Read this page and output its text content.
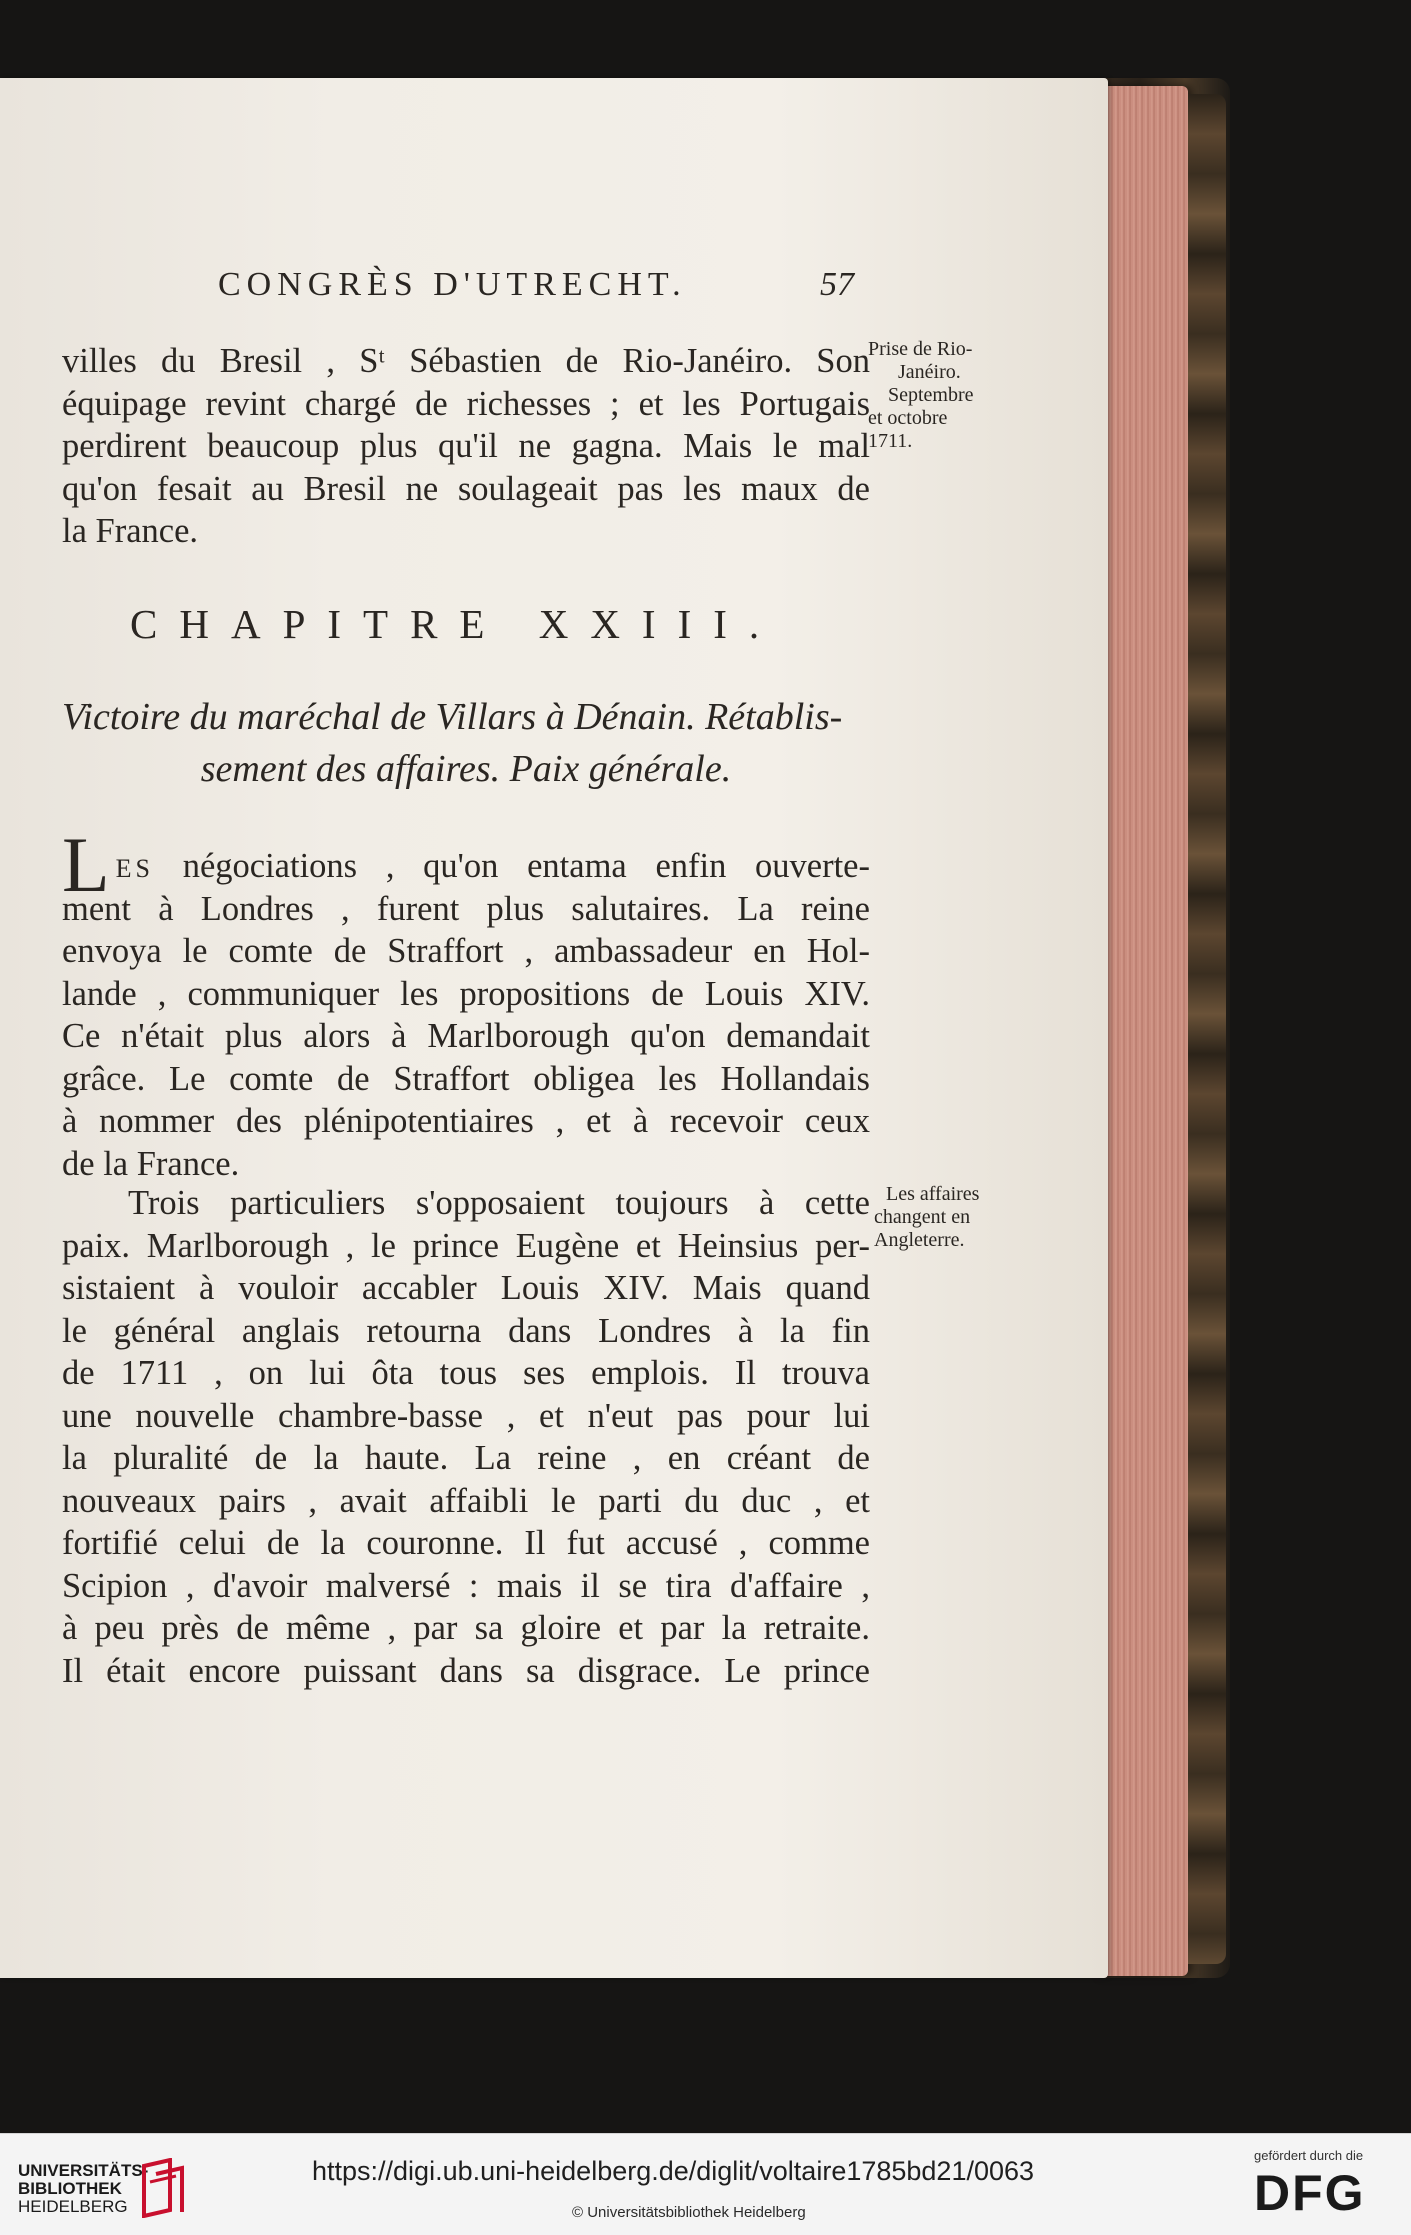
CONGRÈS D'UTRECHT.	57
villes du Bresil , Sᵗ Sébastien de Rio-Janéiro. Son
équipage revint chargé de richesses ; et les Portugais
perdirent beaucoup plus qu'il ne gagna. Mais le mal
qu'on fesait au Bresil ne soulageait pas les maux de
la France.
Prise de Rio-
Janéiro.
Septembre
et octobre
1711.
CHAPITRE XXIII.
Victoire du maréchal de Villars à Dénain. Rétablis-
sement des affaires. Paix générale.
LES négociations , qu'on entama enfin ouverte-
ment à Londres , furent plus salutaires. La reine
envoya le comte de Straffort , ambassadeur en Hol-
lande , communiquer les propositions de Louis XIV.
Ce n'était plus alors à Marlborough qu'on demandait
grâce. Le comte de Straffort obligea les Hollandais
à nommer des plénipotentiaires , et à recevoir ceux
de la France.
Trois particuliers s'opposaient toujours à cette
paix. Marlborough , le prince Eugène et Heinsius per-
sistaient à vouloir accabler Louis XIV. Mais quand
le général anglais retourna dans Londres à la fin
de 1711 , on lui ôta tous ses emplois. Il trouva
une nouvelle chambre-basse , et n'eut pas pour lui
la pluralité de la haute. La reine , en créant de
nouveaux pairs , avait affaibli le parti du duc , et
fortifié celui de la couronne. Il fut accusé , comme
Scipion , d'avoir malversé : mais il se tira d'affaire ,
à peu près de même , par sa gloire et par la retraite.
Il était encore puissant dans sa disgrace. Le prince
Les affaires
changent en
Angleterre.
UNIVERSITÄTS-
BIBLIOTHEK
HEIDELBERG
https://digi.ub.uni-heidelberg.de/diglit/voltaire1785bd21/0063
© Universitätsbibliothek Heidelberg
gefördert durch die
DFG
